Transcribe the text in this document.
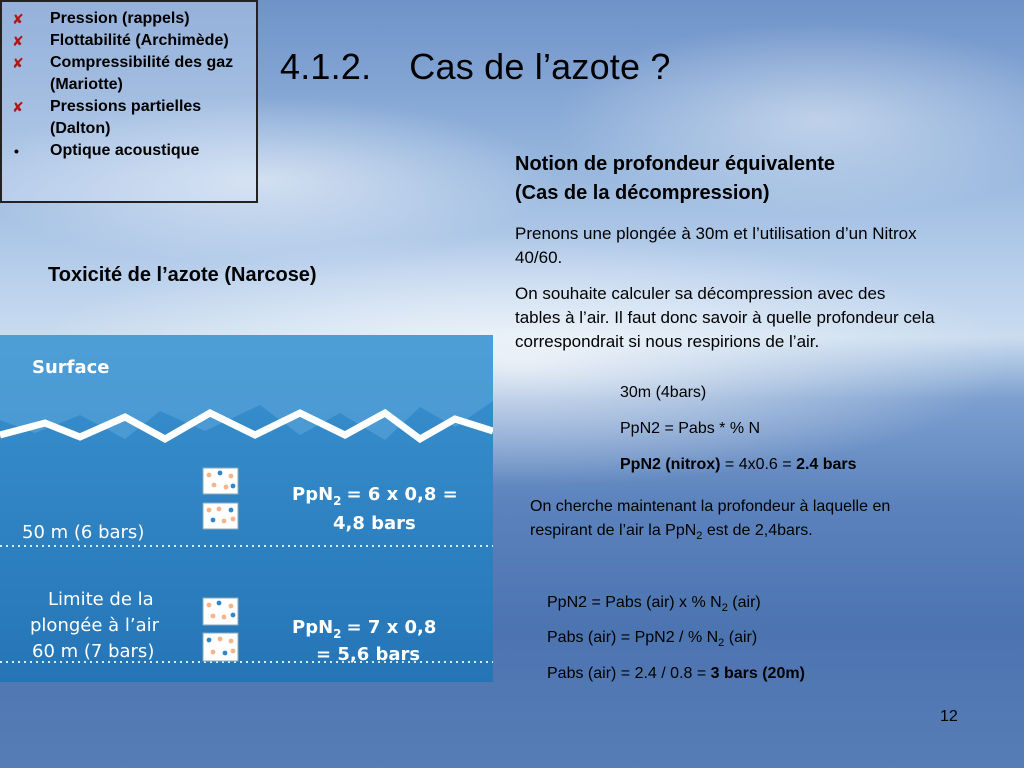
✘	Pression (rappels)
✘	Flottabilité (Archimède)
✘	Compressibilité des gaz (Mariotte)
✘	Pressions partielles (Dalton)
•	Optique acoustique
4.1.2. Cas de l’azote ?
Toxicité de l’azote (Narcose)
Surface
50 m (6 bars)
Limite de la
plongée à l’air
60 m (7 bars)
PpN$_2$ = 6 x 0,8 =
4,8 bars
PpN$_2$ = 7 x 0,8
= 5,6 bars
Notion de profondeur équivalente
(Cas de la décompression)
Prenons une plongée à 30m et l’utilisation d’un Nitrox 40/60.
On souhaite calculer sa décompression avec des tables à l’air. Il faut donc savoir à quelle profondeur cela correspondrait si nous respirions de l’air.
30m (4bars)
PpN2 = Pabs * % N
PpN2 (nitrox) = 4x0.6 = 2.4 bars
On cherche maintenant la profondeur à laquelle en respirant de l’air la PpN$_2$ est de 2,4bars.
PpN2 = Pabs (air) x % $N_2$ (air)
Pabs (air) = PpN2 / % $N_2$ (air)
Pabs (air) = 2.4 / 0.8 = 3 bars (20m)
12
